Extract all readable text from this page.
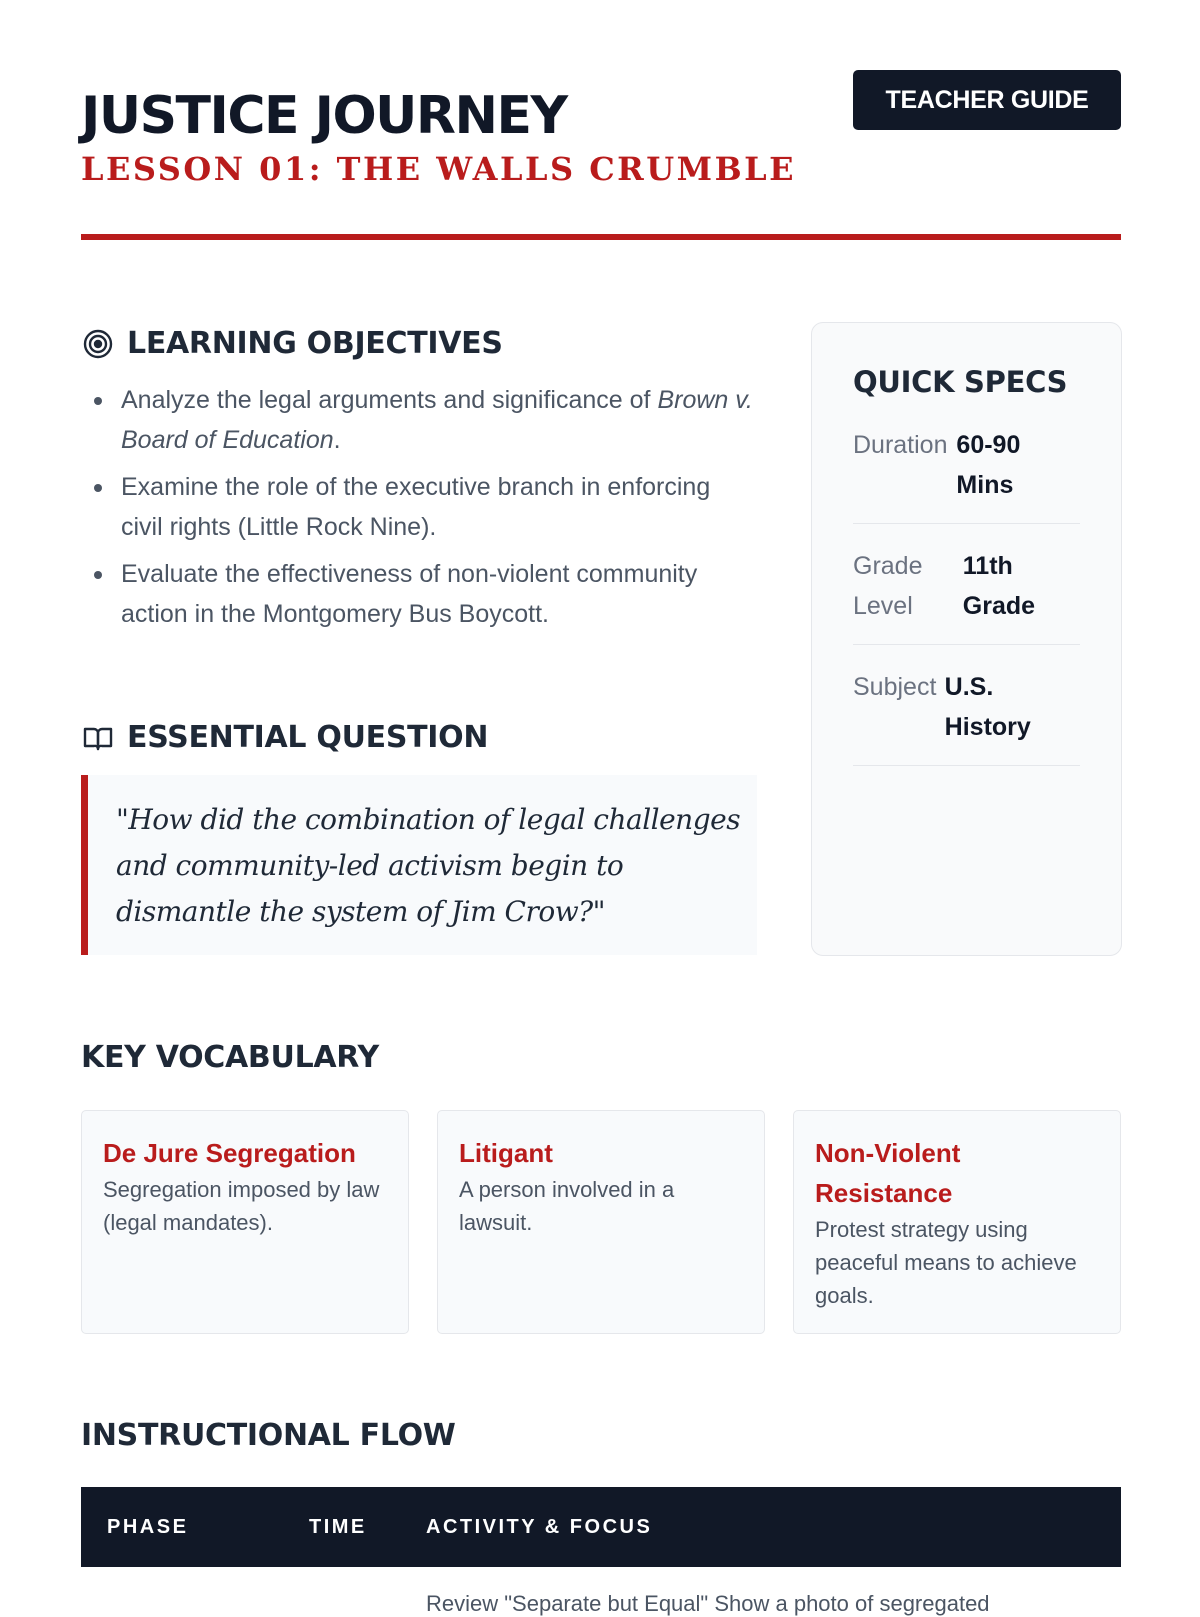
JUSTICE JOURNEY
LESSON 01: THE WALLS CRUMBLE
TEACHER GUIDE
LEARNING OBJECTIVES
Analyze the legal arguments and significance of Brown v. Board of Education.
Examine the role of the executive branch in enforcing civil rights (Little Rock Nine).
Evaluate the effectiveness of non-violent community action in the Montgomery Bus Boycott.
ESSENTIAL QUESTION

"How did the combination of legal challenges and community-led activism begin to dismantle the system of Jim Crow?"

QUICK SPECS
Duration 60-90 Mins
Grade Level
11th Grade
Subject U.S. History
KEY VOCABULARY
De Jure Segregation
Segregation imposed by law (legal mandates).
Litigant
A person involved in a lawsuit.
Non-Violent Resistance
Protest strategy using peaceful means to achieve goals.
INSTRUCTIONAL FLOW
PHASE	TIME	ACTIVITY & FOCUS
Review "Separate but Equal" Show a photo of segregated
